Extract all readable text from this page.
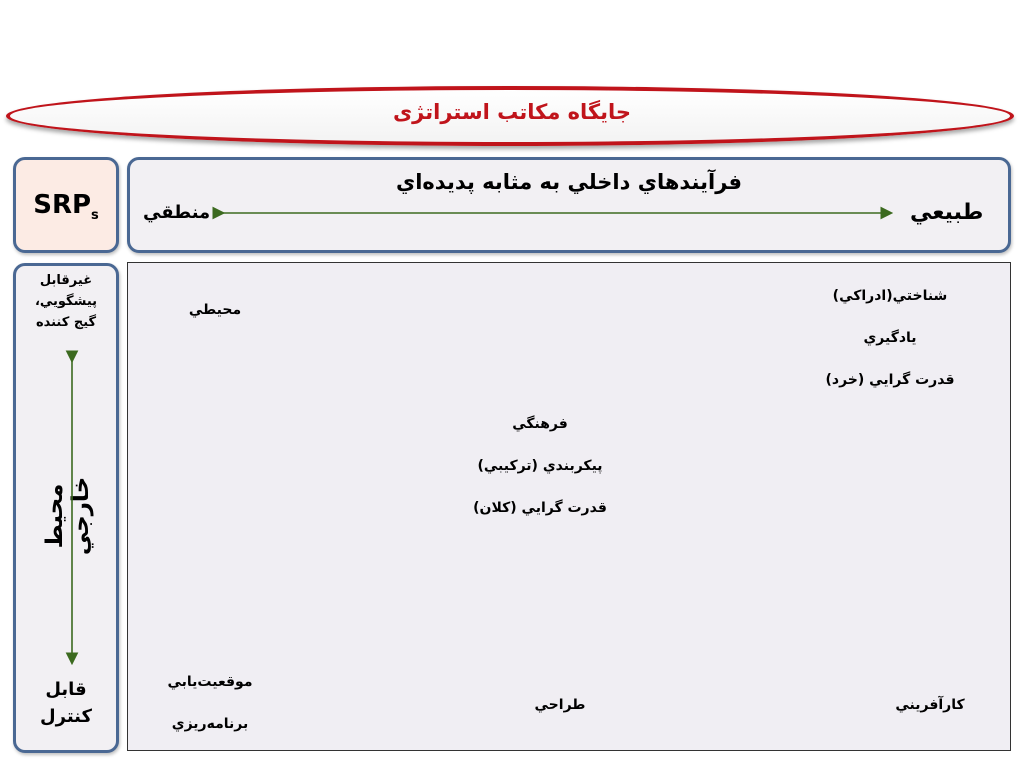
جايگاه مكاتب استراتژی
$SRP_s$
فرآيندهاي داخلي به مثابه پديده‌اي
طبيعي
منطقي
غيرقابل
پيشگويي،
گيج كننده
قابل
كنترل
محيط خارجي
شناختي(ادراكي)
يادگيري
قدرت گرايي (خرد)
محيطي
فرهنگي
پيكربندي (تركيبي)
قدرت گرايي (كلان)
موقعيت‌يابي
برنامه‌ريزي
طراحي	كارآفريني
